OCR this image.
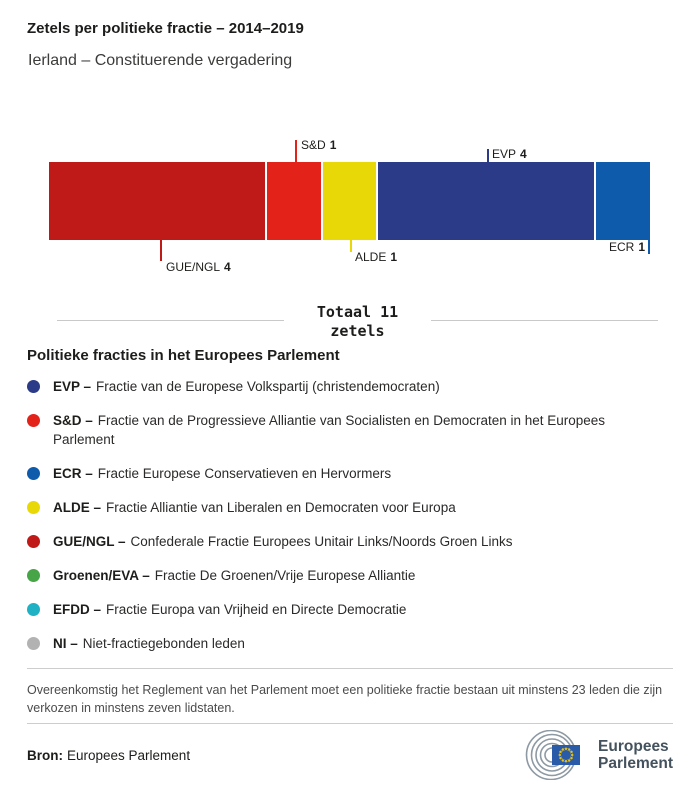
Zetels per politieke fractie – 2014–2019
Ierland – Constituerende vergadering
S&D 1
EVP 4
GUE/NGL 4
ALDE 1
ECR 1
Totaal 11
zetels
Politieke fracties in het Europees Parlement
EVP – Fractie van de Europese Volkspartij (christendemocraten)
S&D – Fractie van de Progressieve Alliantie van Socialisten en Democraten in het Europees Parlement
ECR – Fractie Europese Conservatieven en Hervormers
ALDE – Fractie Alliantie van Liberalen en Democraten voor Europa
GUE/NGL – Confederale Fractie Europees Unitair Links/Noords Groen Links
Groenen/EVA – Fractie De Groenen/Vrije Europese Alliantie
EFDD – Fractie Europa van Vrijheid en Directe Democratie
NI – Niet-fractiegebonden leden
Overeenkomstig het Reglement van het Parlement moet een politieke fractie bestaan uit minstens 23 leden die zijn verkozen in minstens zeven lidstaten.
Bron: Europees Parlement	Europees
Parlement
